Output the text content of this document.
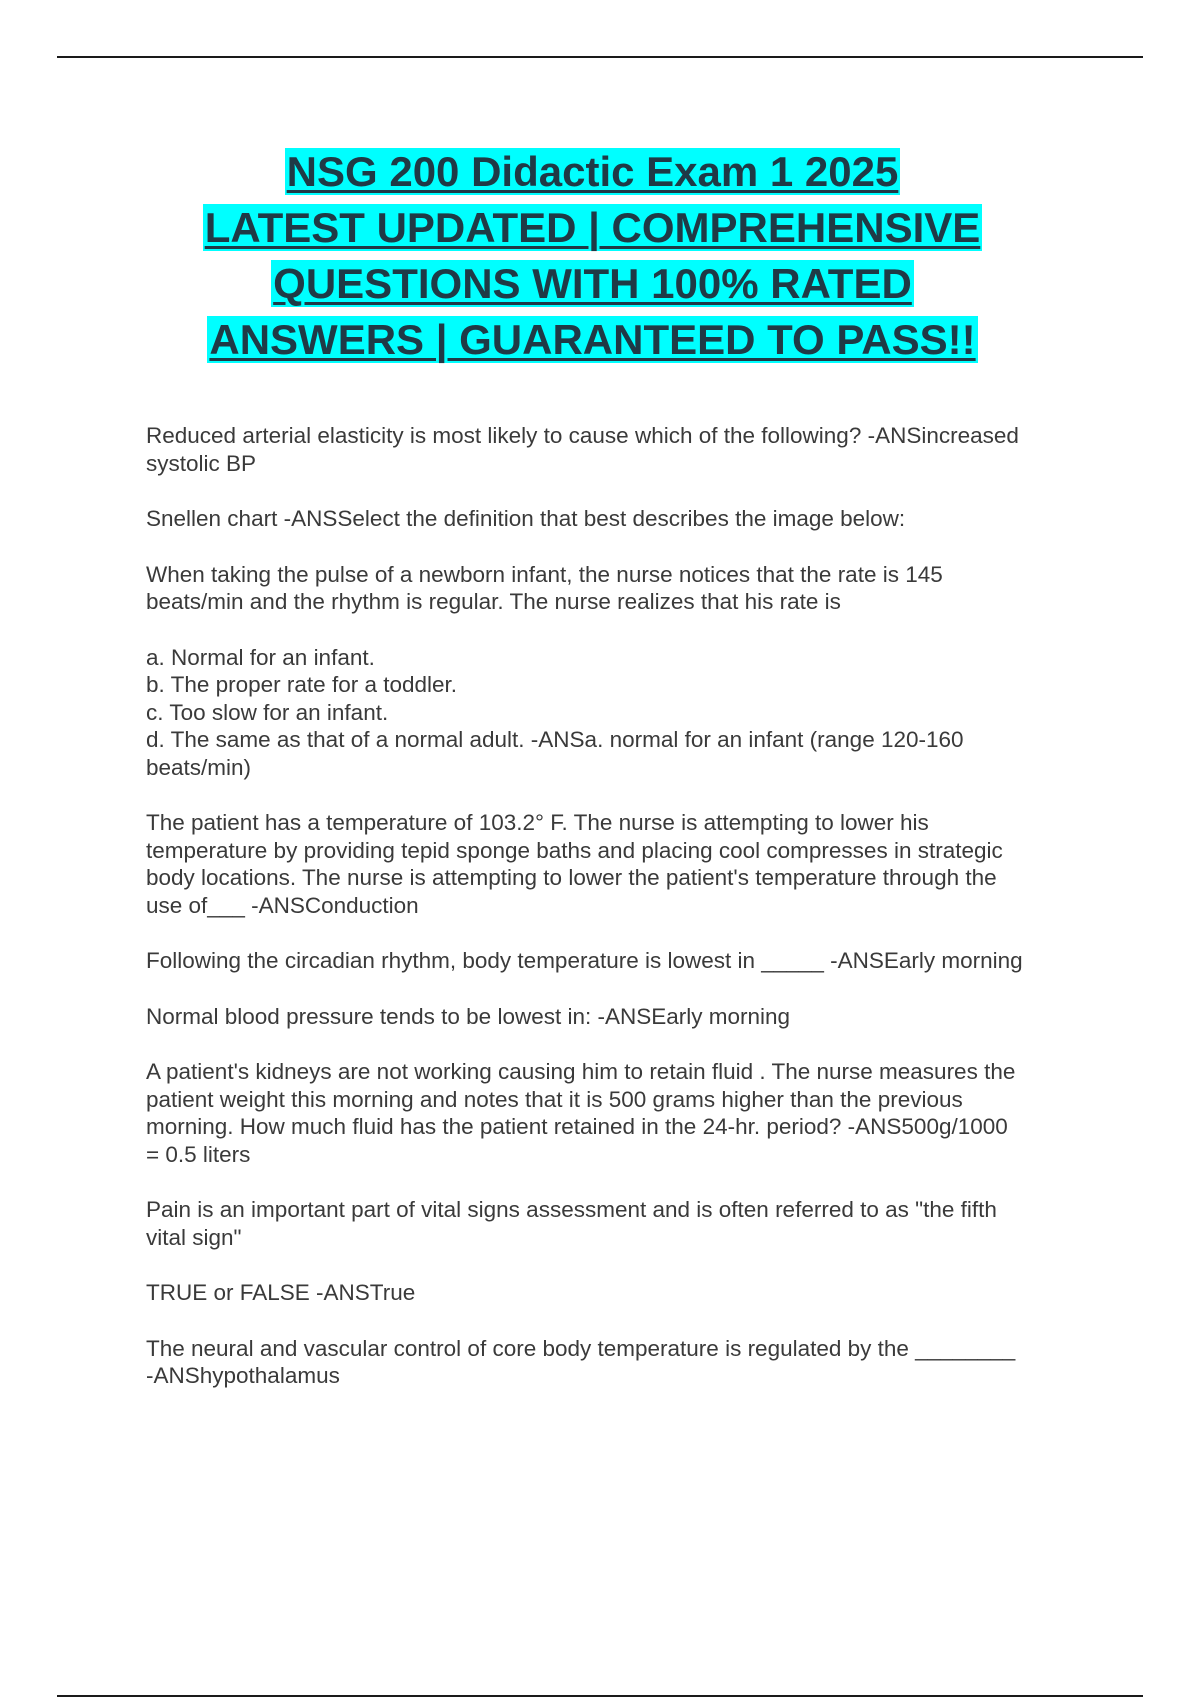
NSG 200 Didactic Exam 1 2025
LATEST UPDATED | COMPREHENSIVE
QUESTIONS WITH 100% RATED
ANSWERS | GUARANTEED TO PASS!!

Reduced arterial elasticity is most likely to cause which of the following? -ANSincreased
systolic BP

Snellen chart -ANSSelect the definition that best describes the image below:

When taking the pulse of a newborn infant, the nurse notices that the rate is 145
beats/min and the rhythm is regular. The nurse realizes that his rate is

a. Normal for an infant.
b. The proper rate for a toddler.
c. Too slow for an infant.
d. The same as that of a normal adult. -ANSa. normal for an infant (range 120-160
beats/min)

The patient has a temperature of 103.2° F. The nurse is attempting to lower his
temperature by providing tepid sponge baths and placing cool compresses in strategic
body locations. The nurse is attempting to lower the patient's temperature through the
use of___ -ANSConduction

Following the circadian rhythm, body temperature is lowest in _____ -ANSEarly morning

Normal blood pressure tends to be lowest in: -ANSEarly morning

A patient's kidneys are not working causing him to retain fluid . The nurse measures the
patient weight this morning and notes that it is 500 grams higher than the previous
morning. How much fluid has the patient retained in the 24-hr. period? -ANS500g/1000
= 0.5 liters

Pain is an important part of vital signs assessment and is often referred to as "the fifth
vital sign"

TRUE or FALSE -ANSTrue

The neural and vascular control of core body temperature is regulated by the ________
-ANShypothalamus
